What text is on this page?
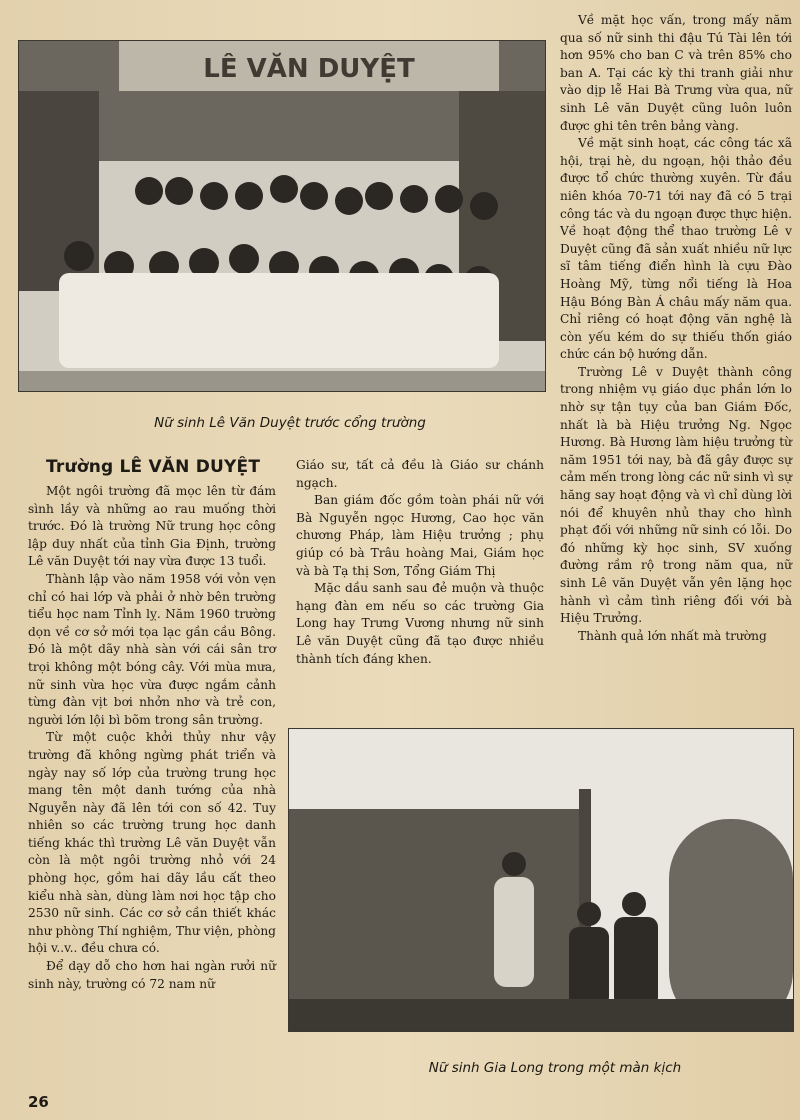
LÊ VĂN DUYỆT
Nữ sinh Lê Văn Duyệt trước cổng trường

Về mặt học vấn, trong mấy năm qua số nữ sinh thi đậu Tú Tài lên tới hơn 95% cho ban C và trên 85% cho ban A. Tại các kỳ thi tranh giải như vào dịp lễ Hai Bà Trưng vừa qua, nữ sinh Lê văn Duyệt cũng luôn luôn được ghi tên trên bảng vàng.

Về mặt sinh hoạt, các công tác xã hội, trại hè, du ngoạn, hội thảo đều được tổ chức thường xuyên. Từ đầu niên khóa 70-71 tới nay đã có 5 trại công tác và du ngoạn được thực hiện. Về hoạt động thể thao trường Lê v Duyệt cũng đã sản xuất nhiều nữ lực sĩ tâm tiếng điển hình là cựu Đào Hoàng Mỹ, từng nổi tiếng là Hoa Hậu Bóng Bàn Á châu mấy năm qua. Chỉ riêng có hoạt động văn nghệ là còn yếu kém do sự thiếu thốn giáo chức cán bộ hướng dẫn.

Trường Lê v Duyệt thành công trong nhiệm vụ giáo dục phần lớn lo nhờ sự tận tụy của ban Giám Đốc, nhất là bà Hiệu trưởng Ng. Ngọc Hương. Bà Hương làm hiệu trưởng từ năm 1951 tới nay, bà đã gây được sự cảm mến trong lòng các nữ sinh vì sự hăng say hoạt động và vì chỉ dùng lời nói để khuyên nhủ thay cho hình phạt đối với những nữ sinh có lỗi. Do đó những kỳ học sinh, SV xuống đường rầm rộ trong năm qua, nữ sinh Lê văn Duyệt vẫn yên lặng học hành vì cảm tình riêng đối với bà Hiệu Trưởng.

Thành quả lớn nhất mà trường

Trường LÊ VĂN DUYỆT

Một ngôi trường đã mọc lên từ đám sình lầy và những ao rau muống thời trước. Đó là trường Nữ trung học công lập duy nhất của tỉnh Gia Định, trường Lê văn Duyệt tới nay vừa được 13 tuổi.

Thành lập vào năm 1958 với vỏn vẹn chỉ có hai lớp và phải ở nhờ bên trường tiểu học nam Tỉnh lỵ. Năm 1960 trường dọn về cơ sở mới tọa lạc gần cầu Bông. Đó là một dãy nhà sàn với cái sân trơ trọi không một bóng cây. Với mùa mưa, nữ sinh vừa học vừa được ngắm cảnh từng đàn vịt bơi nhởn nhơ và trẻ con, người lớn lội bì bõm trong sân trường.

Từ một cuộc khởi thủy như vậy trường đã không ngừng phát triển và ngày nay số lớp của trường trung học mang tên một danh tướng của nhà Nguyễn này đã lên tới con số 42. Tuy nhiên so các trường trung học danh tiếng khác thì trường Lê văn Duyệt vẫn còn là một ngôi trường nhỏ với 24 phòng học, gồm hai dãy lầu cất theo kiểu nhà sàn, dùng làm nơi học tập cho 2530 nữ sinh. Các cơ sở cần thiết khác như phòng Thí nghiệm, Thư viện, phòng hội v..v.. đều chưa có.

Để dạy dỗ cho hơn hai ngàn rưởi nữ sinh này, trường có 72 nam nữ

Giáo sư, tất cả đều là Giáo sư chánh ngạch.

Ban giám đốc gồm toàn phái nữ với Bà Nguyễn ngọc Hương, Cao học văn chương Pháp, làm Hiệu trưởng ; phụ giúp có bà Trâu hoàng Mai, Giám học và bà Tạ thị Sơn, Tổng Giám Thị

Mặc dầu sanh sau đẻ muộn và thuộc hạng đàn em nếu so các trường Gia Long hay Trưng Vương nhưng nữ sinh Lê văn Duyệt cũng đã tạo được nhiều thành tích đáng khen.

Nữ sinh Gia Long trong một màn kịch
26
